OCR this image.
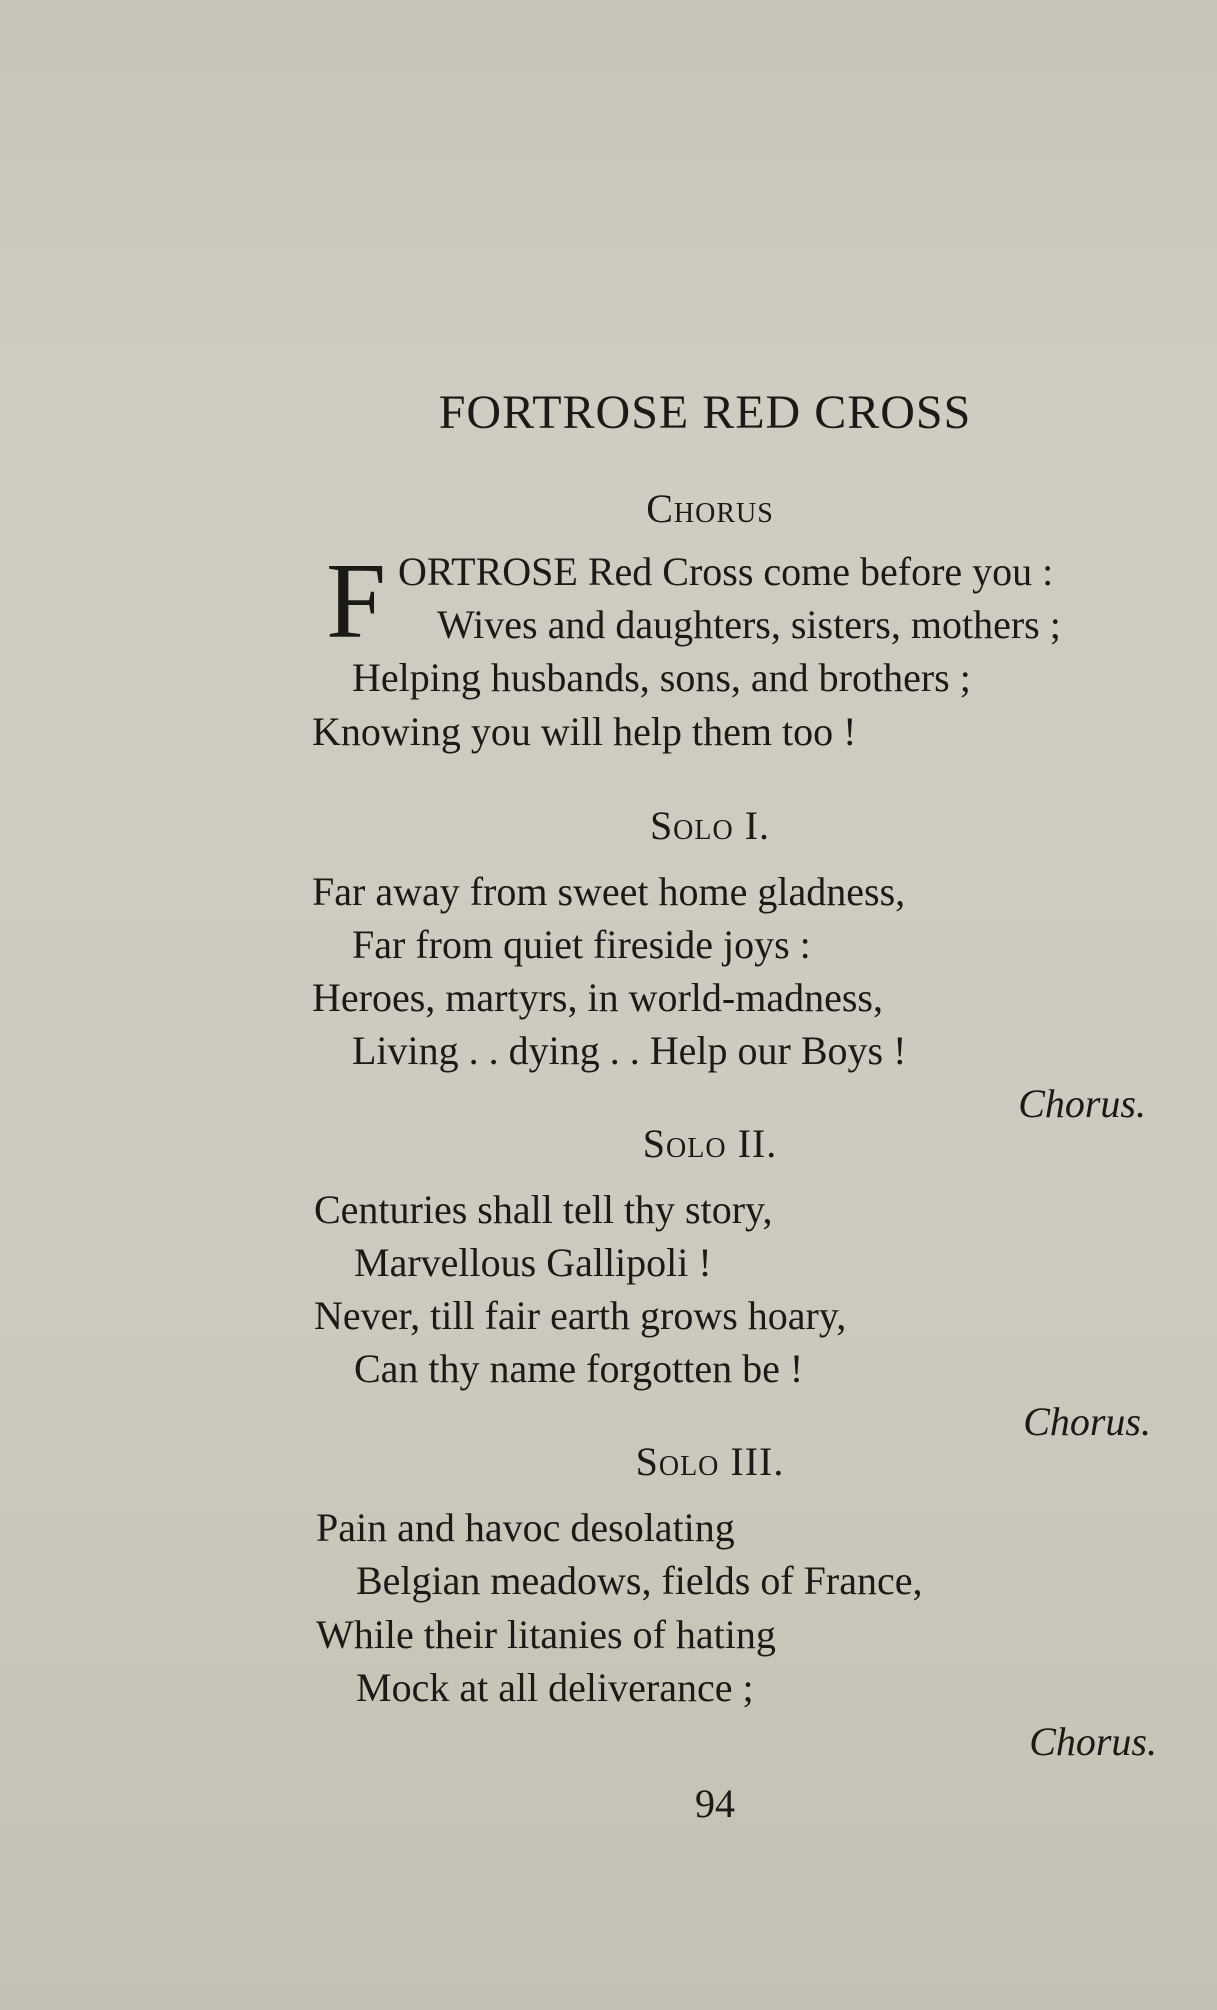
FORTROSE RED CROSS
Chorus
F ORTROSE Red Cross come before you :

Wives and daughters, sisters, mothers ;

Helping husbands, sons, and brothers ;

Knowing you will help them too !

Solo I.

Far away from sweet home gladness,

Far from quiet fireside joys :

Heroes, martyrs, in world-madness,

Living . . dying . . Help our Boys !

Chorus.
Solo II.

Centuries shall tell thy story,

Marvellous Gallipoli !

Never, till fair earth grows hoary,

Can thy name forgotten be !

Chorus.
Solo III.

Pain and havoc desolating

Belgian meadows, fields of France,

While their litanies of hating

Mock at all deliverance ;

Chorus.
94
